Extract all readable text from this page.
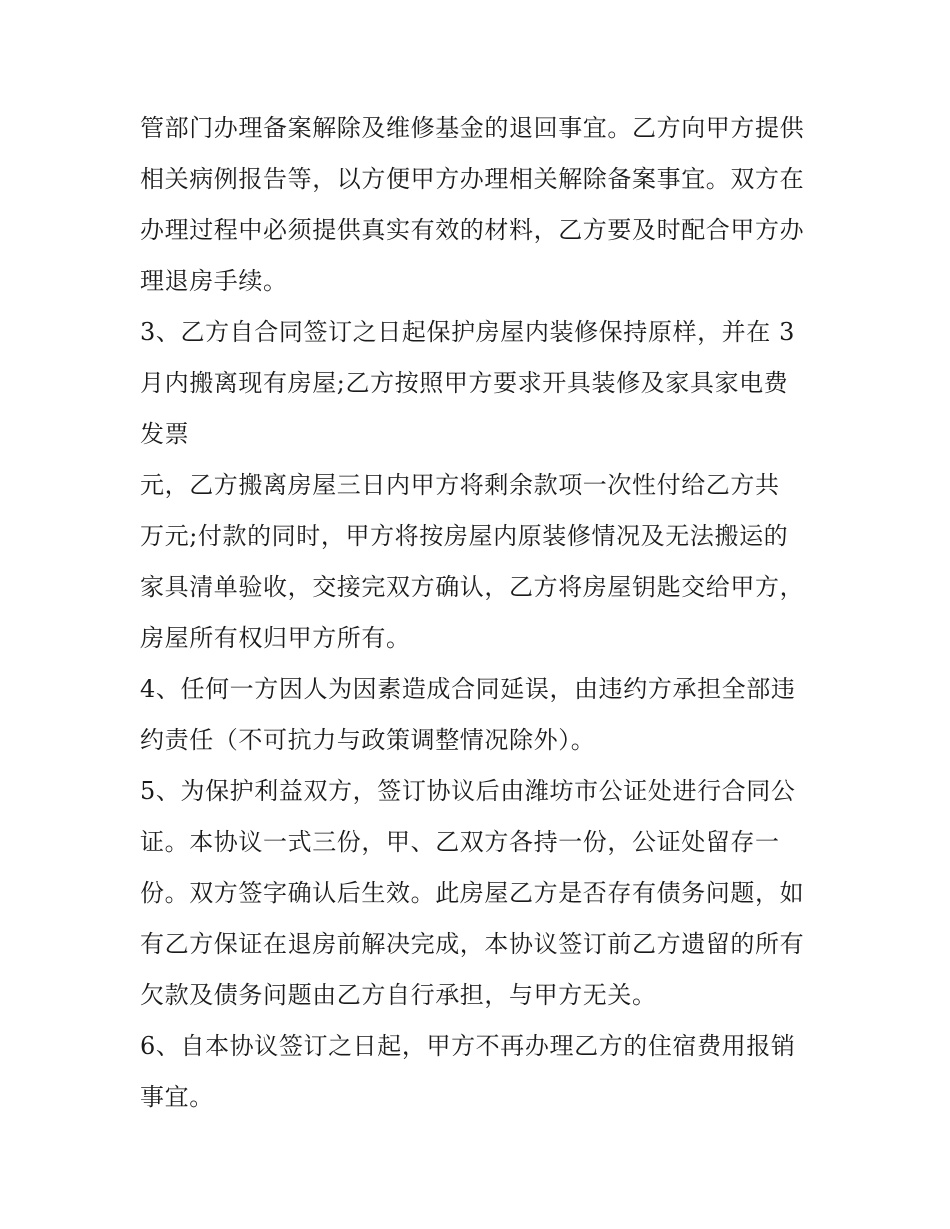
管部门办理备案解除及维修基金的退回事宜。乙方向甲方提供
相关病例报告等，以方便甲方办理相关解除备案事宜。双方在
办理过程中必须提供真实有效的材料，乙方要及时配合甲方办
理退房手续。
3、乙方自合同签订之日起保护房屋内装修保持原样，并在 3
月内搬离现有房屋;乙方按照甲方要求开具装修及家具家电费
发票
元，乙方搬离房屋三日内甲方将剩余款项一次性付给乙方共
万元;付款的同时，甲方将按房屋内原装修情况及无法搬运的
家具清单验收，交接完双方确认，乙方将房屋钥匙交给甲方，
房屋所有权归甲方所有。
4、任何一方因人为因素造成合同延误，由违约方承担全部违
约责任（不可抗力与政策调整情况除外）。
5、为保护利益双方，签订协议后由潍坊市公证处进行合同公
证。本协议一式三份，甲、乙双方各持一份，公证处留存一
份。双方签字确认后生效。此房屋乙方是否存有债务问题，如
有乙方保证在退房前解决完成，本协议签订前乙方遗留的所有
欠款及债务问题由乙方自行承担，与甲方无关。
6、自本协议签订之日起，甲方不再办理乙方的住宿费用报销
事宜。
